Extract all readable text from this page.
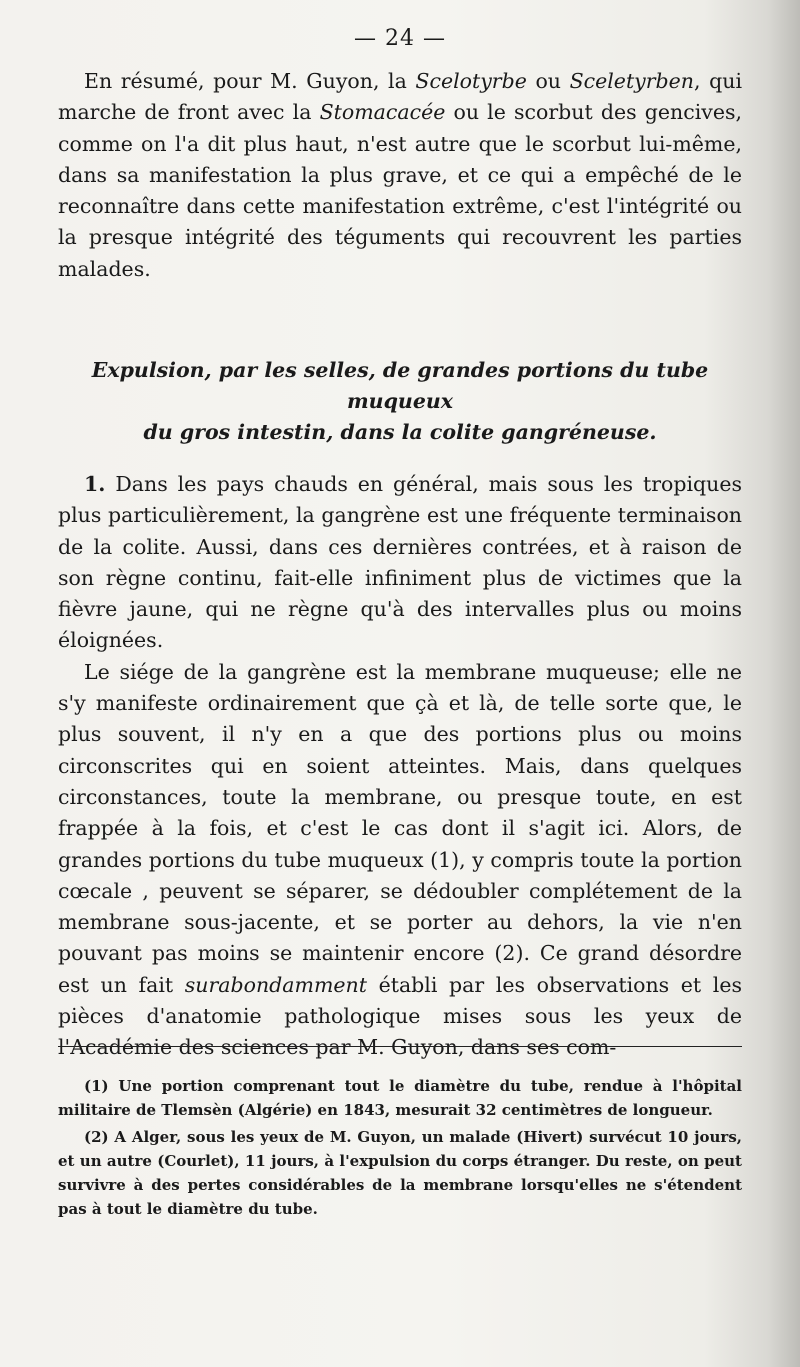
— 24 —

En résumé, pour M. Guyon, la Scelotyrbe ou Sceletyrben, qui marche de front avec la Stomacacée ou le scorbut des gencives, comme on l'a dit plus haut, n'est autre que le scorbut lui-même, dans sa manifestation la plus grave, et ce qui a empêché de le reconnaître dans cette manifestation extrême, c'est l'intégrité ou la presque intégrité des téguments qui recouvrent les parties malades.

Expulsion, par les selles, de grandes portions du tube muqueux
du gros intestin, dans la colite gangréneuse.

1. Dans les pays chauds en général, mais sous les tropiques plus particulièrement, la gangrène est une fréquente terminaison de la colite. Aussi, dans ces dernières contrées, et à raison de son règne continu, fait-elle infiniment plus de victimes que la fièvre jaune, qui ne règne qu'à des intervalles plus ou moins éloignées.

Le siége de la gangrène est la membrane muqueuse; elle ne s'y manifeste ordinairement que çà et là, de telle sorte que, le plus souvent, il n'y en a que des portions plus ou moins circonscrites qui en soient atteintes. Mais, dans quelques circonstances, toute la membrane, ou presque toute, en est frappée à la fois, et c'est le cas dont il s'agit ici. Alors, de grandes portions du tube muqueux (1), y compris toute la portion cœcale , peuvent se séparer, se dédoubler complétement de la membrane sous-jacente, et se porter au dehors, la vie n'en pouvant pas moins se maintenir encore (2). Ce grand désordre est un fait surabondamment établi par les observations et les pièces d'anatomie pathologique mises sous les yeux de l'Académie des sciences par M. Guyon, dans ses com-

(1) Une portion comprenant tout le diamètre du tube, rendue à l'hôpital militaire de Tlemsèn (Algérie) en 1843, mesurait 32 centimètres de longueur.

(2) A Alger, sous les yeux de M. Guyon, un malade (Hivert) survécut 10 jours, et un autre (Courlet), 11 jours, à l'expulsion du corps étranger. Du reste, on peut survivre à des pertes considérables de la membrane lorsqu'elles ne s'étendent pas à tout le diamètre du tube.
